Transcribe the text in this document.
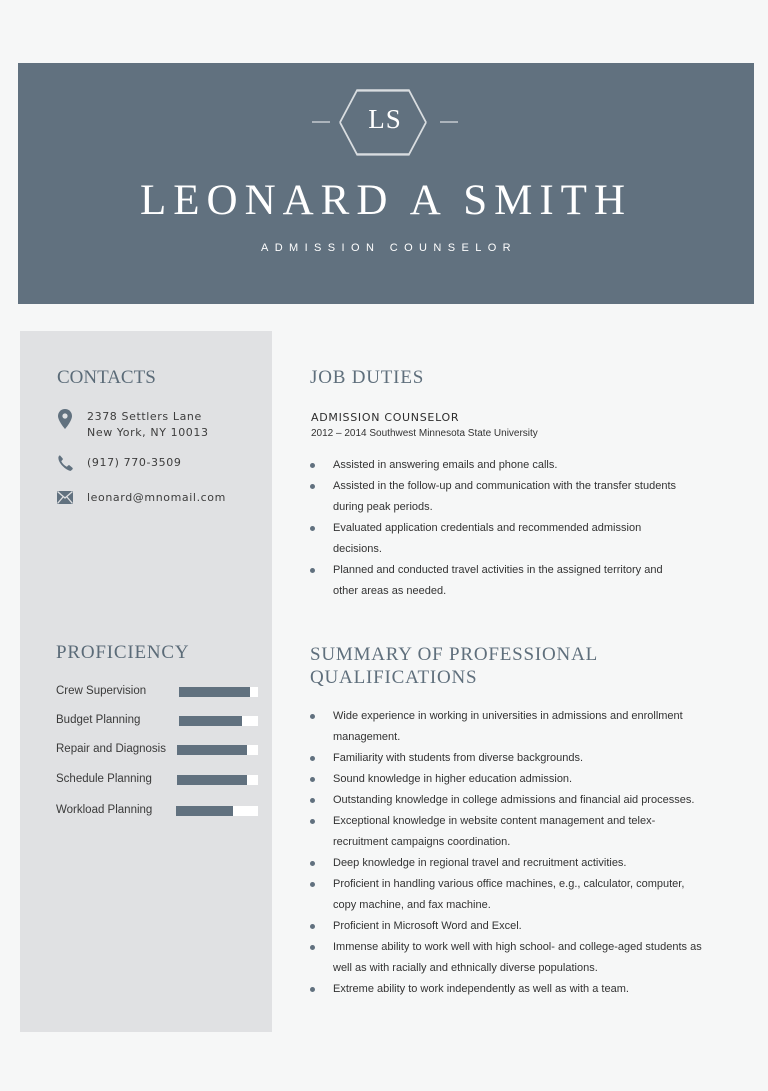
LS
LEONARD A SMITH
ADMISSION COUNSELOR
CONTACTS
2378 Settlers Lane
New York, NY 10013
(917) 770-3509
leonard@mnomail.com
PROFICIENCY
Crew Supervision
Budget Planning
Repair and Diagnosis
Schedule Planning
Workload Planning
JOB DUTIES
ADMISSION COUNSELOR
2012 – 2014 Southwest Minnesota State University
Assisted in answering emails and phone calls.
Assisted in the follow-up and communication with the transfer students during peak periods.
Evaluated application credentials and recommended admission decisions.
Planned and conducted travel activities in the assigned territory and other areas as needed.
SUMMARY OF PROFESSIONAL
QUALIFICATIONS
Wide experience in working in universities in admissions and enrollment management.
Familiarity with students from diverse backgrounds.
Sound knowledge in higher education admission.
Outstanding knowledge in college admissions and financial aid processes.
Exceptional knowledge in website content management and telex-recruitment campaigns coordination.
Deep knowledge in regional travel and recruitment activities.
Proficient in handling various office machines, e.g., calculator, computer, copy machine, and fax machine.
Proficient in Microsoft Word and Excel.
Immense ability to work well with high school- and college-aged students as well as with racially and ethnically diverse populations.
Extreme ability to work independently as well as with a team.
